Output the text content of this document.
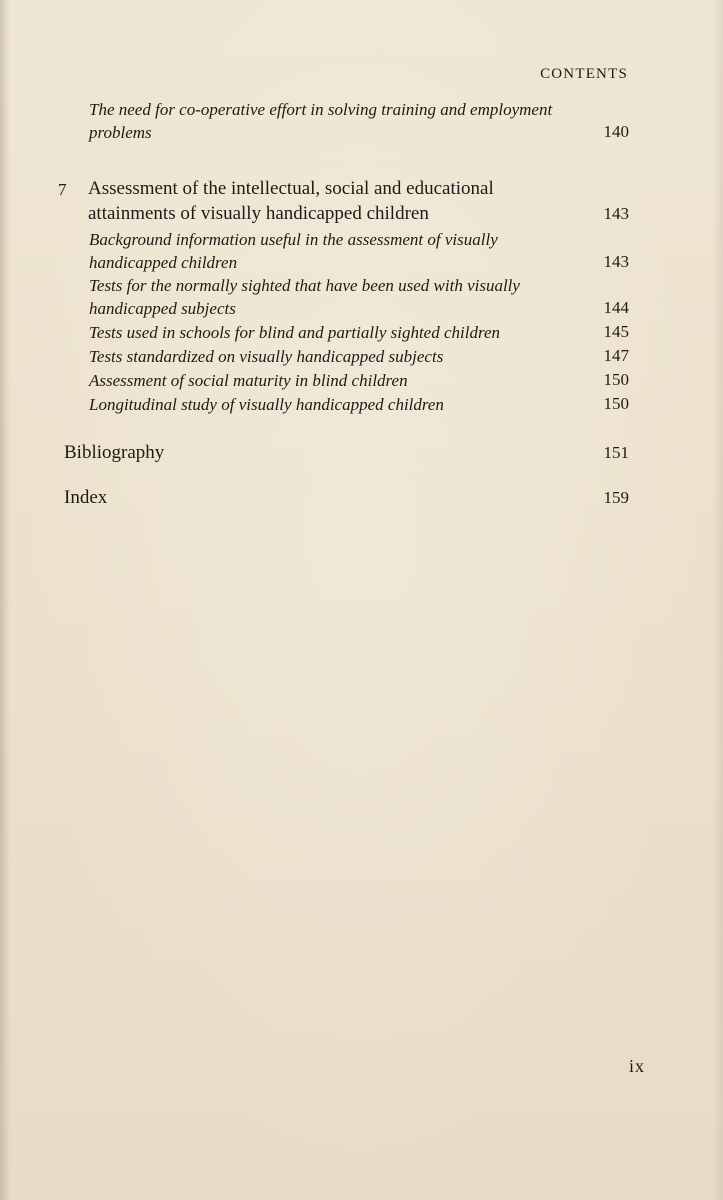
CONTENTS
The need for co-operative effort in solving training and employment problems	140
7 Assessment of the intellectual, social and educational attainments of visually handicapped children	143
Background information useful in the assessment of visually handicapped children	143
Tests for the normally sighted that have been used with visually handicapped subjects	144
Tests used in schools for blind and partially sighted children	145
Tests standardized on visually handicapped subjects	147
Assessment of social maturity in blind children	150
Longitudinal study of visually handicapped children	150
Bibliography	151
Index	159
ix
